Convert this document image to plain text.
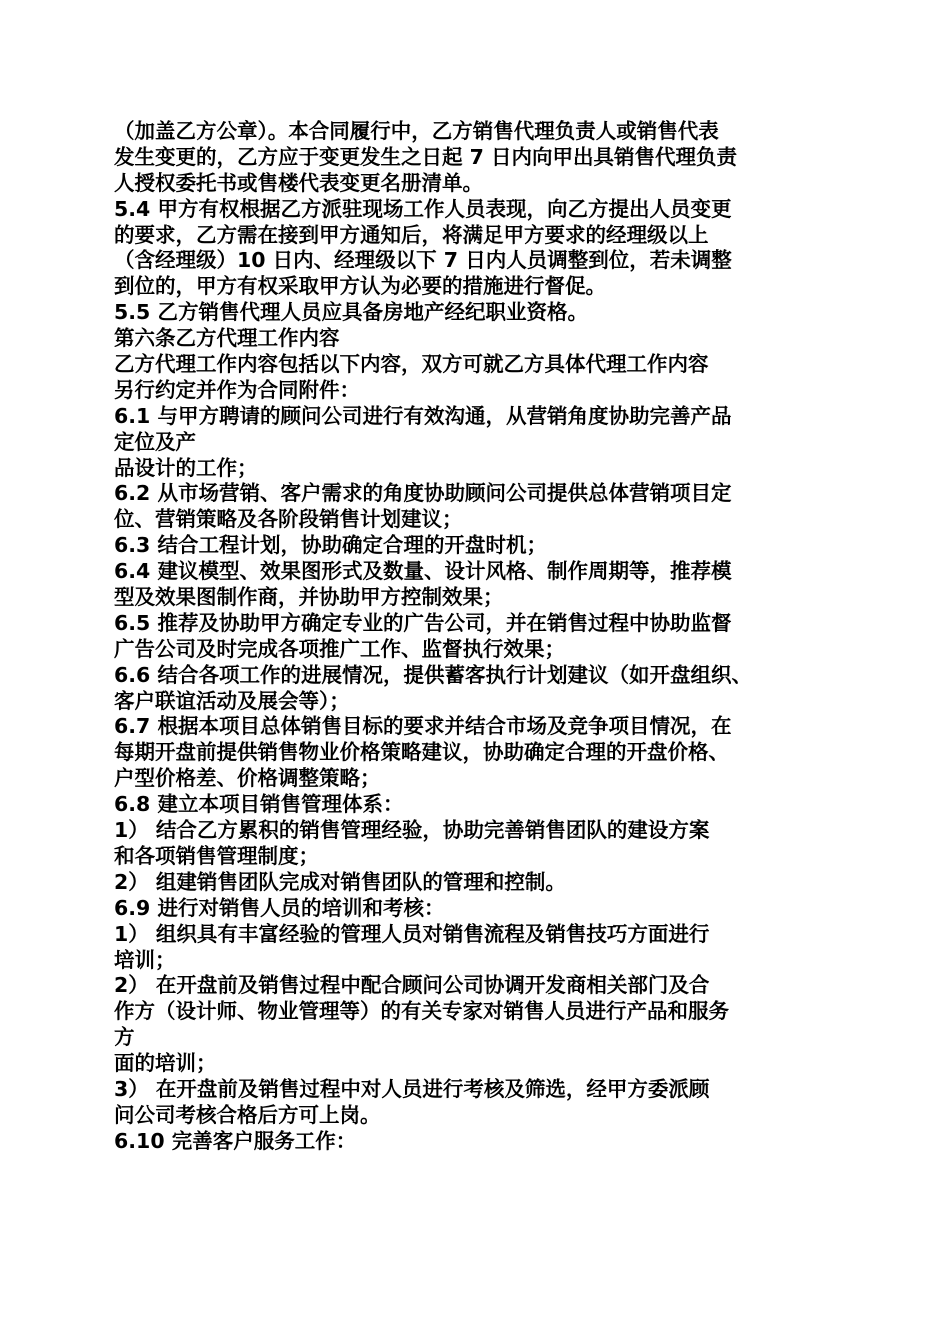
（加盖乙方公章）。本合同履行中，乙方销售代理负责人或销售代表
发生变更的，乙方应于变更发生之日起 7 日内向甲出具销售代理负责
人授权委托书或售楼代表变更名册清单。
5.4 甲方有权根据乙方派驻现场工作人员表现，向乙方提出人员变更
的要求，乙方需在接到甲方通知后，将满足甲方要求的经理级以上
（含经理级）10 日内、经理级以下 7 日内人员调整到位，若未调整
到位的，甲方有权采取甲方认为必要的措施进行督促。
5.5 乙方销售代理人员应具备房地产经纪职业资格。
第六条乙方代理工作内容
乙方代理工作内容包括以下内容，双方可就乙方具体代理工作内容
另行约定并作为合同附件：
6.1 与甲方聘请的顾问公司进行有效沟通，从营销角度协助完善产品
定位及产
品设计的工作；
6.2 从市场营销、客户需求的角度协助顾问公司提供总体营销项目定
位、营销策略及各阶段销售计划建议；
6.3 结合工程计划，协助确定合理的开盘时机；
6.4 建议模型、效果图形式及数量、设计风格、制作周期等，推荐模
型及效果图制作商，并协助甲方控制效果；
6.5 推荐及协助甲方确定专业的广告公司，并在销售过程中协助监督
广告公司及时完成各项推广工作、监督执行效果；
6.6 结合各项工作的进展情况，提供蓄客执行计划建议（如开盘组织、
客户联谊活动及展会等）；
6.7 根据本项目总体销售目标的要求并结合市场及竞争项目情况，在
每期开盘前提供销售物业价格策略建议，协助确定合理的开盘价格、
户型价格差、价格调整策略；
6.8 建立本项目销售管理体系：
1） 结合乙方累积的销售管理经验，协助完善销售团队的建设方案
和各项销售管理制度；
2） 组建销售团队完成对销售团队的管理和控制。
6.9 进行对销售人员的培训和考核：
1） 组织具有丰富经验的管理人员对销售流程及销售技巧方面进行
培训；
2） 在开盘前及销售过程中配合顾问公司协调开发商相关部门及合
作方（设计师、物业管理等）的有关专家对销售人员进行产品和服务
方
面的培训；
3） 在开盘前及销售过程中对人员进行考核及筛选，经甲方委派顾
问公司考核合格后方可上岗。
6.10 完善客户服务工作：
